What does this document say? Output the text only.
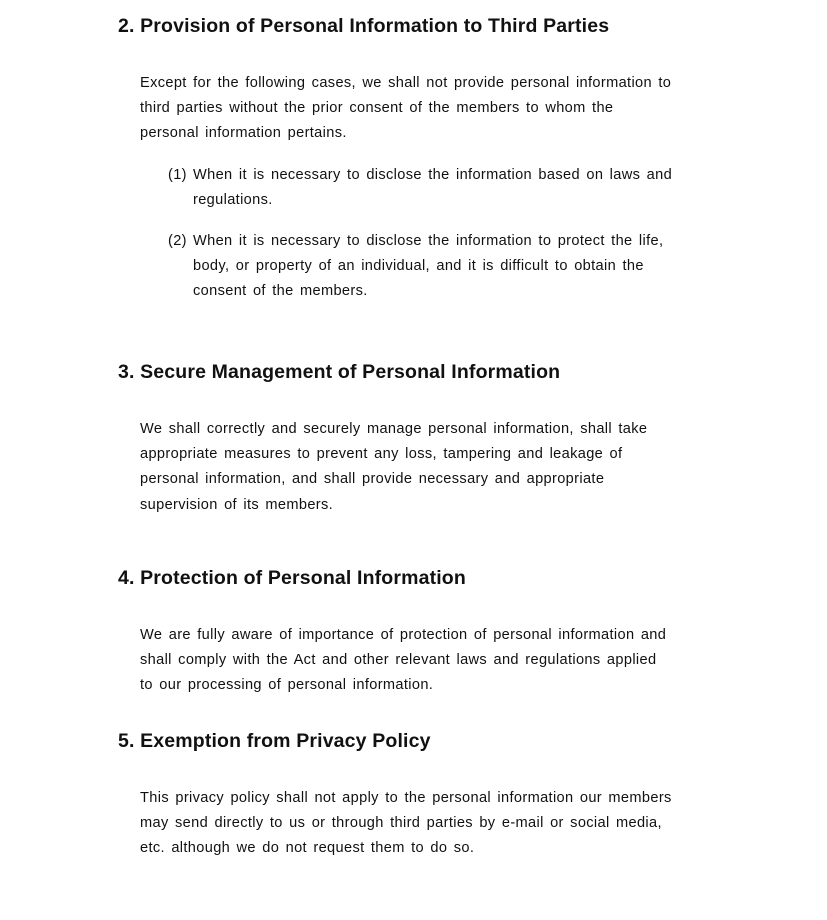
2. Provision of Personal Information to Third Parties

Except for the following cases, we shall not provide personal information to
third parties without the prior consent of the members to whom the
personal information pertains.

(1) When it is necessary to disclose the information based on laws and
regulations.
(2) When it is necessary to disclose the information to protect the life,
body, or property of an individual, and it is difficult to obtain the
consent of the members.
3. Secure Management of Personal Information

We shall correctly and securely manage personal information, shall take
appropriate measures to prevent any loss, tampering and leakage of
personal information, and shall provide necessary and appropriate
supervision of its members.

4. Protection of Personal Information

We are fully aware of importance of protection of personal information and
shall comply with the Act and other relevant laws and regulations applied
to our processing of personal information.

5. Exemption from Privacy Policy

This privacy policy shall not apply to the personal information our members
may send directly to us or through third parties by e-mail or social media,
etc. although we do not request them to do so.
